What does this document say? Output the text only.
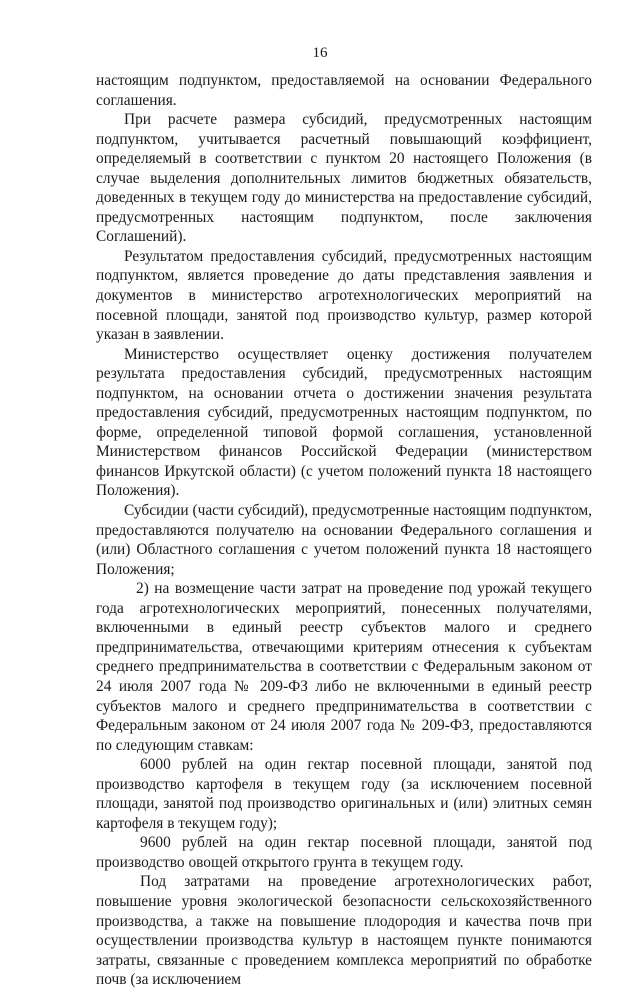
16

настоящим подпунктом, предоставляемой на основании Федерального соглашения.

При расчете размера субсидий, предусмотренных настоящим подпунктом, учитывается расчетный повышающий коэффициент, определяемый в соответствии с пунктом 20 настоящего Положения (в случае выделения дополнительных лимитов бюджетных обязательств, доведенных в текущем году до министерства на предоставление субсидий, предусмотренных настоящим подпунктом, после заключения Соглашений).

Результатом предоставления субсидий, предусмотренных настоящим подпунктом, является проведение до даты представления заявления и документов в министерство агротехнологических мероприятий на посевной площади, занятой под производство культур, размер которой указан в заявлении.

Министерство осуществляет оценку достижения получателем результата предоставления субсидий, предусмотренных настоящим подпунктом, на основании отчета о достижении значения результата предоставления субсидий, предусмотренных настоящим подпунктом, по форме, определенной типовой формой соглашения, установленной Министерством финансов Российской Федерации (министерством финансов Иркутской области) (с учетом положений пункта 18 настоящего Положения).

Субсидии (части субсидий), предусмотренные настоящим подпунктом, предоставляются получателю на основании Федерального соглашения и (или) Областного соглашения с учетом положений пункта 18 настоящего Положения;

2) на возмещение части затрат на проведение под урожай текущего года агротехнологических мероприятий, понесенных получателями, включенными в единый реестр субъектов малого и среднего предпринимательства, отвечающими критериям отнесения к субъектам среднего предпринимательства в соответствии с Федеральным законом от 24 июля 2007 года № 209-ФЗ либо не включенными в единый реестр субъектов малого и среднего предпринимательства в соответствии с Федеральным законом от 24 июля 2007 года № 209-ФЗ, предоставляются по следующим ставкам:

6000 рублей на один гектар посевной площади, занятой под производство картофеля в текущем году (за исключением посевной площади, занятой под производство оригинальных и (или) элитных семян картофеля в текущем году);

9600 рублей на один гектар посевной площади, занятой под производство овощей открытого грунта в текущем году.

Под затратами на проведение агротехнологических работ, повышение уровня экологической безопасности сельскохозяйственного производства, а также на повышение плодородия и качества почв при осуществлении производства культур в настоящем пункте понимаются затраты, связанные с проведением комплекса мероприятий по обработке почв (за исключением
